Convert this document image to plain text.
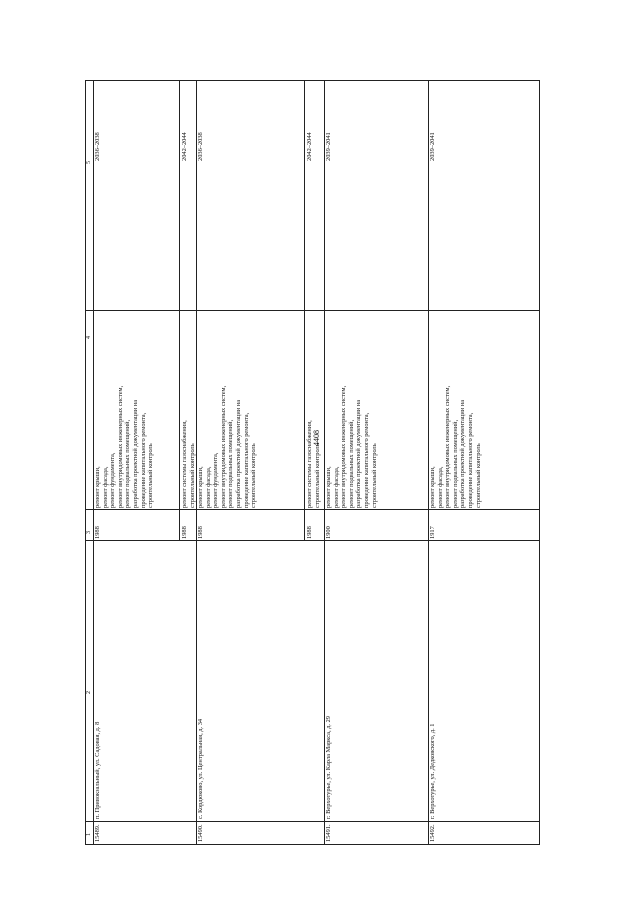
4408
1
2
3
4
5
15489.
п. Привокзальный, ул. Садовая, д. 8
1988
ремонт крыши,
ремонт фасада,
ремонт фундамента,
ремонт внутридомовых инженерных систем,
ремонт подвальных помещений,
разработка проектной документации на
проведение капитального ремонта,
строительный контроль
2036–2038
1988
ремонт системы газоснабжения,
строительный контроль
2042–2044
15490.
с. Кордюково, ул. Центральная, д. 34
1988
ремонт крыши,
ремонт фасада,
ремонт фундамента,
ремонт внутридомовых инженерных систем,
ремонт подвальных помещений,
разработка проектной документации на
проведение капитального ремонта,
строительный контроль
2036–2038
1988
ремонт системы газоснабжения,
строительный контроль
2042–2044
15491.
г. Верхотурье, ул. Карла Маркса, д. 29
1900
ремонт крыши,
ремонт фасада,
ремонт внутридомовых инженерных систем,
ремонт подвальных помещений,
разработка проектной документации на
проведение капитального ремонта,
строительный контроль
2039–2041
15492.
г. Верхотурье, ул. Дедковского, д. 1
1917
ремонт крыши,
ремонт фасада,
ремонт внутридомовых инженерных систем,
ремонт подвальных помещений,
разработка проектной документации на
проведение капитального ремонта,
строительный контроль
2039–2041
